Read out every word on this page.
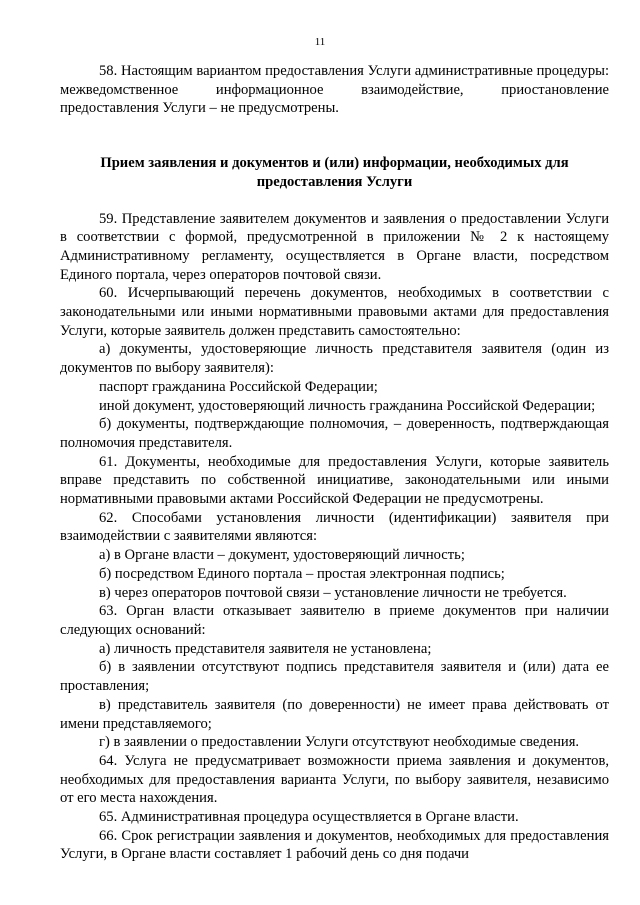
11

58. Настоящим вариантом предоставления Услуги административные процедуры: межведомственное информационное взаимодействие, приостановление предоставления Услуги – не предусмотрены.

Прием заявления и документов и (или) информации, необходимых для предоставления Услуги

59. Представление заявителем документов и заявления о предоставлении Услуги в соответствии с формой, предусмотренной в приложении № 2 к настоящему Административному регламенту, осуществляется в Органе власти, посредством Единого портала, через операторов почтовой связи.

60. Исчерпывающий перечень документов, необходимых в соответствии с законодательными или иными нормативными правовыми актами для предоставления Услуги, которые заявитель должен представить самостоятельно:

а) документы, удостоверяющие личность представителя заявителя (один из документов по выбору заявителя):

паспорт гражданина Российской Федерации;

иной документ, удостоверяющий личность гражданина Российской Федерации;

б) документы, подтверждающие полномочия, – доверенность, подтверждающая полномочия представителя.

61. Документы, необходимые для предоставления Услуги, которые заявитель вправе представить по собственной инициативе, законодательными или иными нормативными правовыми актами Российской Федерации не предусмотрены.

62. Способами установления личности (идентификации) заявителя при взаимодействии с заявителями являются:

а) в Органе власти – документ, удостоверяющий личность;

б) посредством Единого портала – простая электронная подпись;

в) через операторов почтовой связи – установление личности не требуется.

63. Орган власти отказывает заявителю в приеме документов при наличии следующих оснований:

а) личность представителя заявителя не установлена;

б) в заявлении отсутствуют подпись представителя заявителя и (или) дата ее проставления;

в) представитель заявителя (по доверенности) не имеет права действовать от имени представляемого;

г) в заявлении о предоставлении Услуги отсутствуют необходимые сведения.

64. Услуга не предусматривает возможности приема заявления и документов, необходимых для предоставления варианта Услуги, по выбору заявителя, независимо от его места нахождения.

65. Административная процедура осуществляется в Органе власти.

66. Срок регистрации заявления и документов, необходимых для предоставления Услуги, в Органе власти составляет 1 рабочий день со дня подачи
